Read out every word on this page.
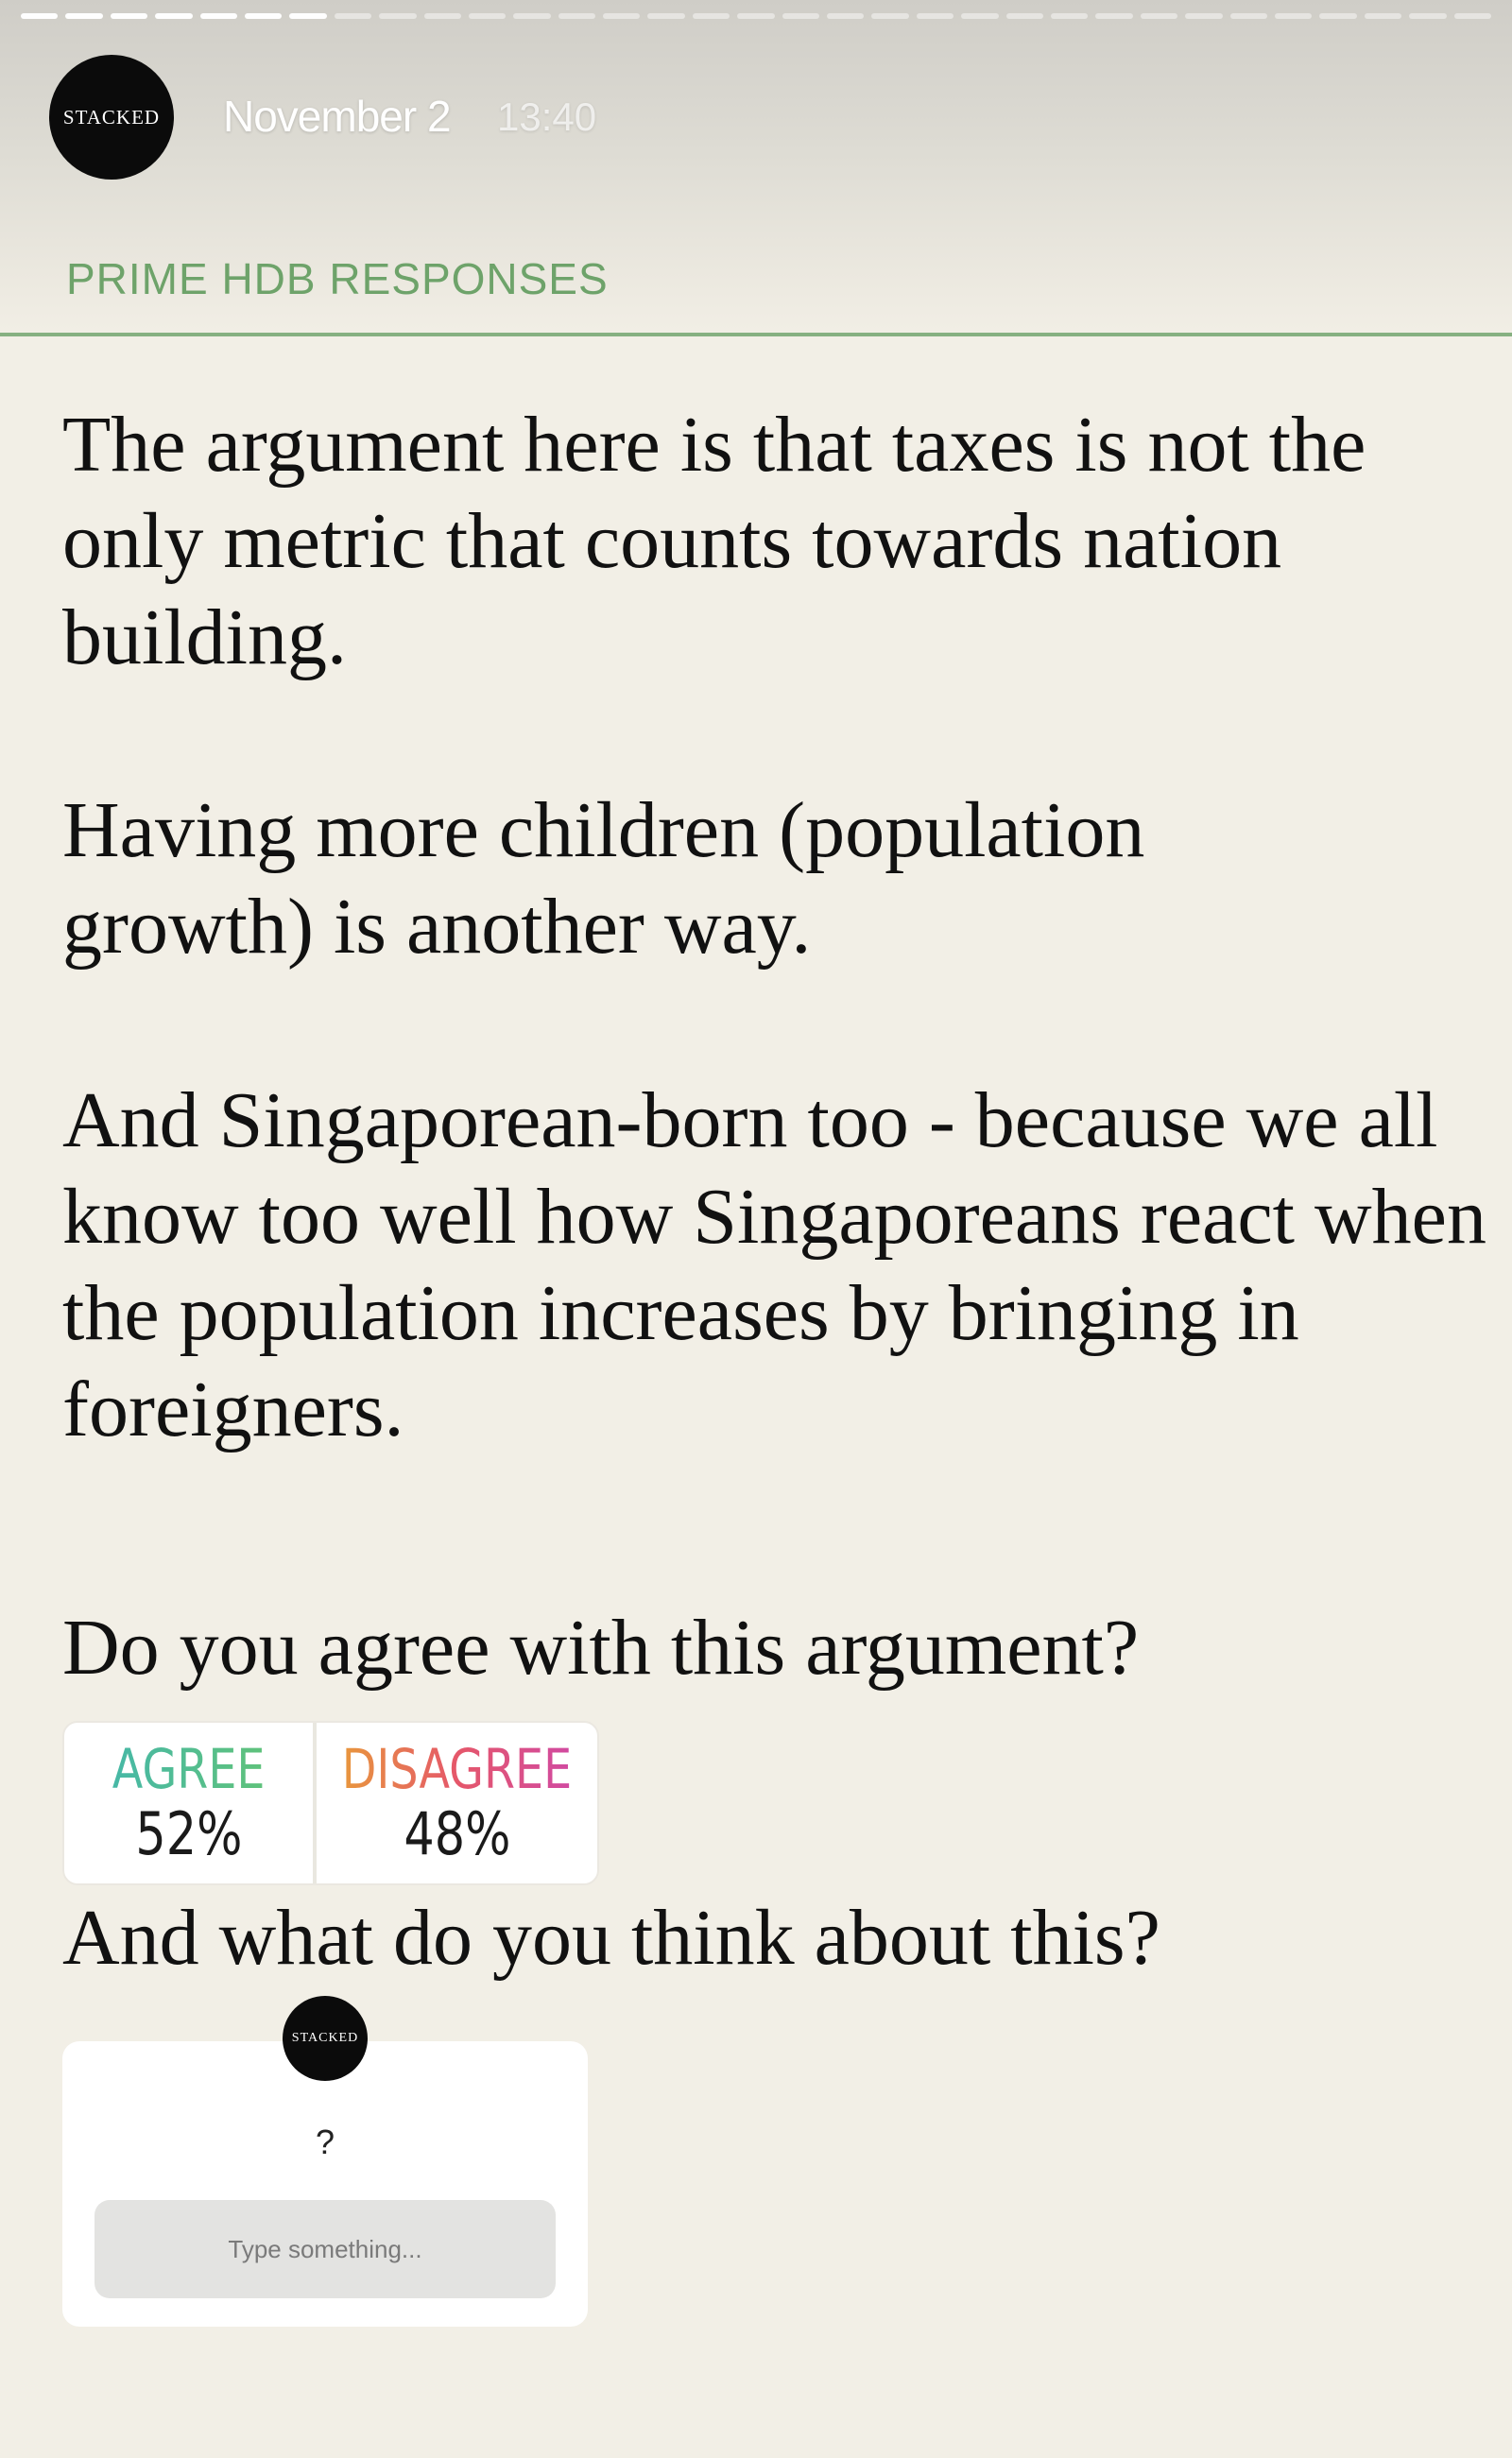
STACKED November 2 13:40
PRIME HDB RESPONSES

The argument here is that taxes is not the only metric that counts towards nation building.

Having more children (population growth) is another way.

And Singaporean-born too - because we all know too well how Singaporeans react when the population increases by bringing in foreigners.

Do you agree with this argument?

AGREE
52%
DISAGREE
48%

And what do you think about this?

STACKED
?
Type something...
